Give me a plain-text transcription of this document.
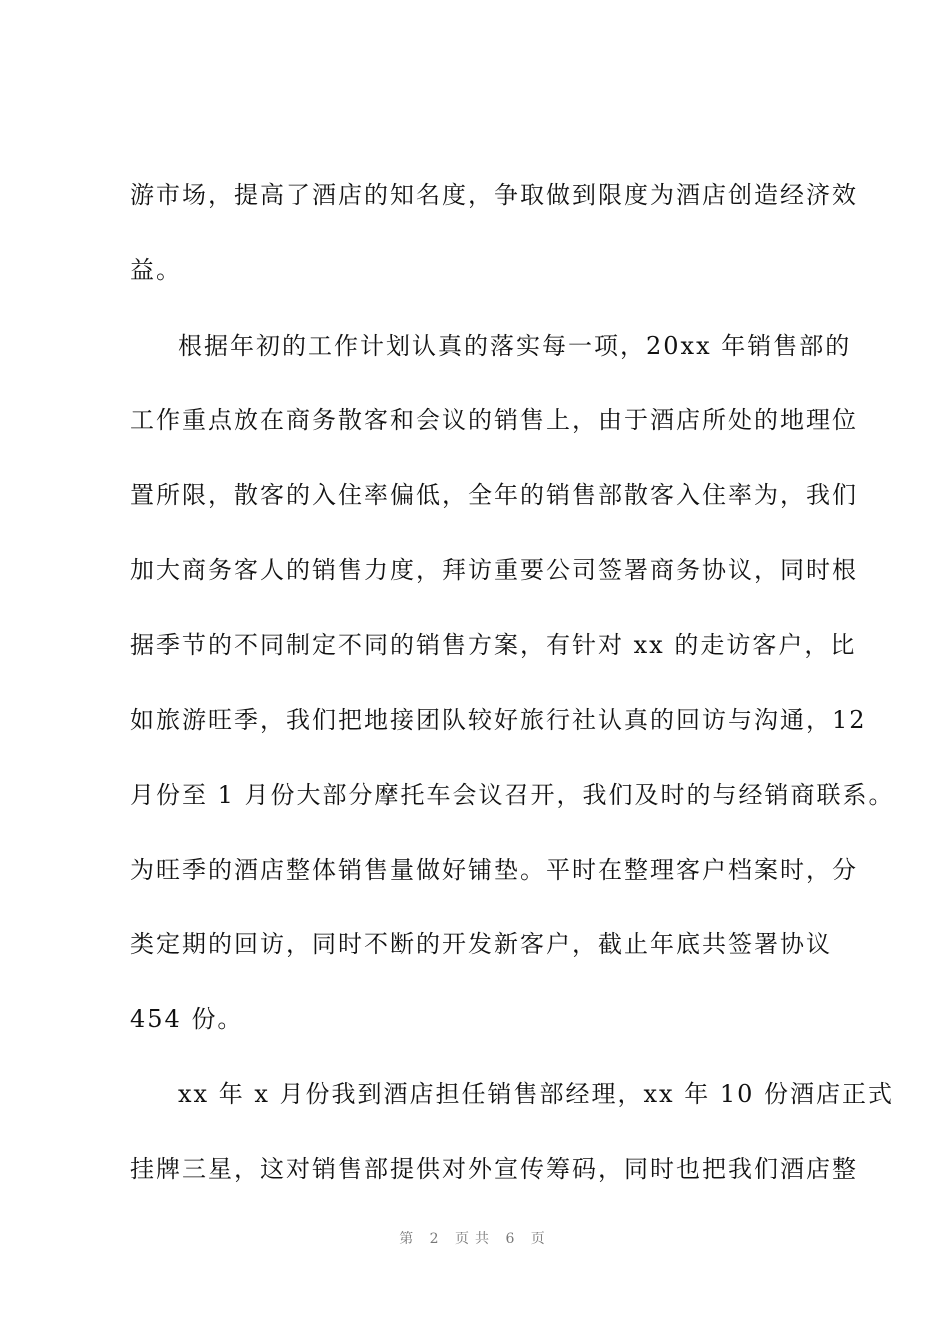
游市场，提高了酒店的知名度，争取做到限度为酒店创造经济效
益。
根据年初的工作计划认真的落实每一项，20xx 年销售部的
工作重点放在商务散客和会议的销售上，由于酒店所处的地理位
置所限，散客的入住率偏低，全年的销售部散客入住率为，我们
加大商务客人的销售力度，拜访重要公司签署商务协议，同时根
据季节的不同制定不同的销售方案，有针对 xx 的走访客户，比
如旅游旺季，我们把地接团队较好旅行社认真的回访与沟通，12
月份至 1 月份大部分摩托车会议召开，我们及时的与经销商联系。
为旺季的酒店整体销售量做好铺垫。平时在整理客户档案时，分
类定期的回访，同时不断的开发新客户，截止年底共签署协议
454 份。
xx 年 x 月份我到酒店担任销售部经理，xx 年 10 份酒店正式
挂牌三星，这对销售部提供对外宣传筹码，同时也把我们酒店整
第 2 页共 6 页
